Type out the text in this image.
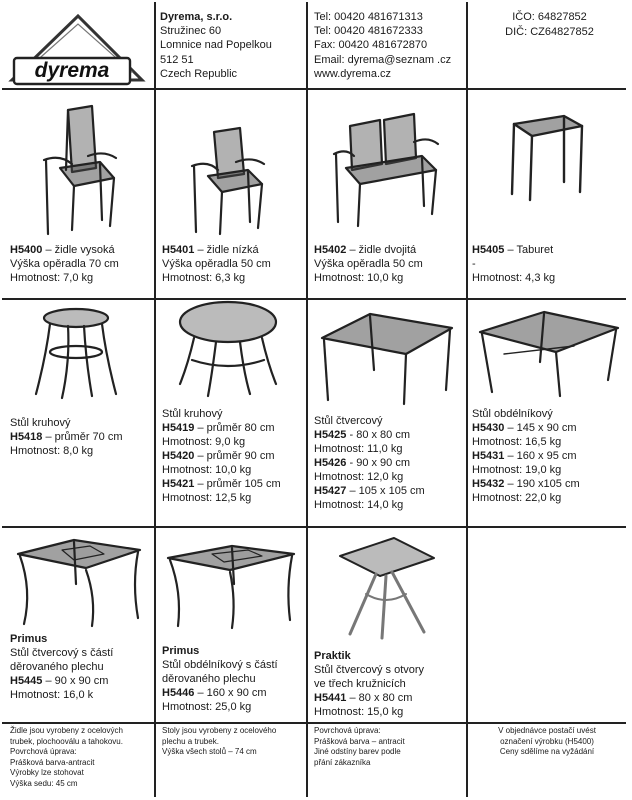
dyrema
Dyrema, s.r.o.
Stružinec 60
Lomnice nad Popelkou
512 51
Czech Republic
Tel: 00420 481671313
Tel: 00420 481672333
Fax: 00420 481672870
Email: dyrema@seznam .cz
www.dyrema.cz
IČO: 64827852
DIČ: CZ64827852
H5400 – židle vysoká
Výška opěradla 70 cm
Hmotnost: 7,0 kg
H5401 – židle nízká
Výška opěradla 50 cm
Hmotnost: 6,3 kg
H5402 – židle dvojitá
Výška opěradla 50 cm
Hmotnost: 10,0 kg
H5405 – Taburet
-
Hmotnost: 4,3 kg
Stůl kruhový
H5418 – průměr 70 cm
Hmotnost: 8,0 kg
Stůl kruhový
H5419 – průměr 80 cm
Hmotnost: 9,0 kg
H5420 – průměr 90 cm
Hmotnost: 10,0 kg
H5421 – průměr 105 cm
Hmotnost: 12,5 kg
Stůl čtvercový
H5425 - 80 x 80 cm
Hmotnost: 11,0 kg
H5426 - 90 x 90 cm
Hmotnost: 12,0 kg
H5427 – 105 x 105 cm
Hmotnost: 14,0 kg
Stůl obdélníkový
H5430 – 145 x 90 cm
Hmotnost: 16,5 kg
H5431 – 160 x 95 cm
Hmotnost: 19,0 kg
H5432 – 190 x105 cm
Hmotnost: 22,0 kg
Primus
Stůl čtvercový s částí
děrovaného plechu
H5445 – 90 x 90 cm
Hmotnost: 16,0 k
Primus
Stůl obdélníkový s částí
děrovaného plechu
H5446 – 160 x 90 cm
Hmotnost: 25,0 kg
Praktik
Stůl čtvercový s otvory
ve třech kružnicích
H5441 – 80 x 80 cm
Hmotnost: 15,0 kg
Židle jsou vyrobeny z ocelových
trubek, plochooválu a tahokovu.
Povrchová úprava:
Prášková barva-antracit
Výrobky lze stohovat
Výška sedu: 45 cm
Stoly jsou vyrobeny z ocelového
plechu a trubek.
Výška všech stolů – 74 cm
Povrchová úprava:
Prášková barva – antracit
Jiné odstíny barev podle
přání zákazníka
V objednávce postačí uvést
označení výrobku (H5400)
Ceny sdělíme na vyžádání
